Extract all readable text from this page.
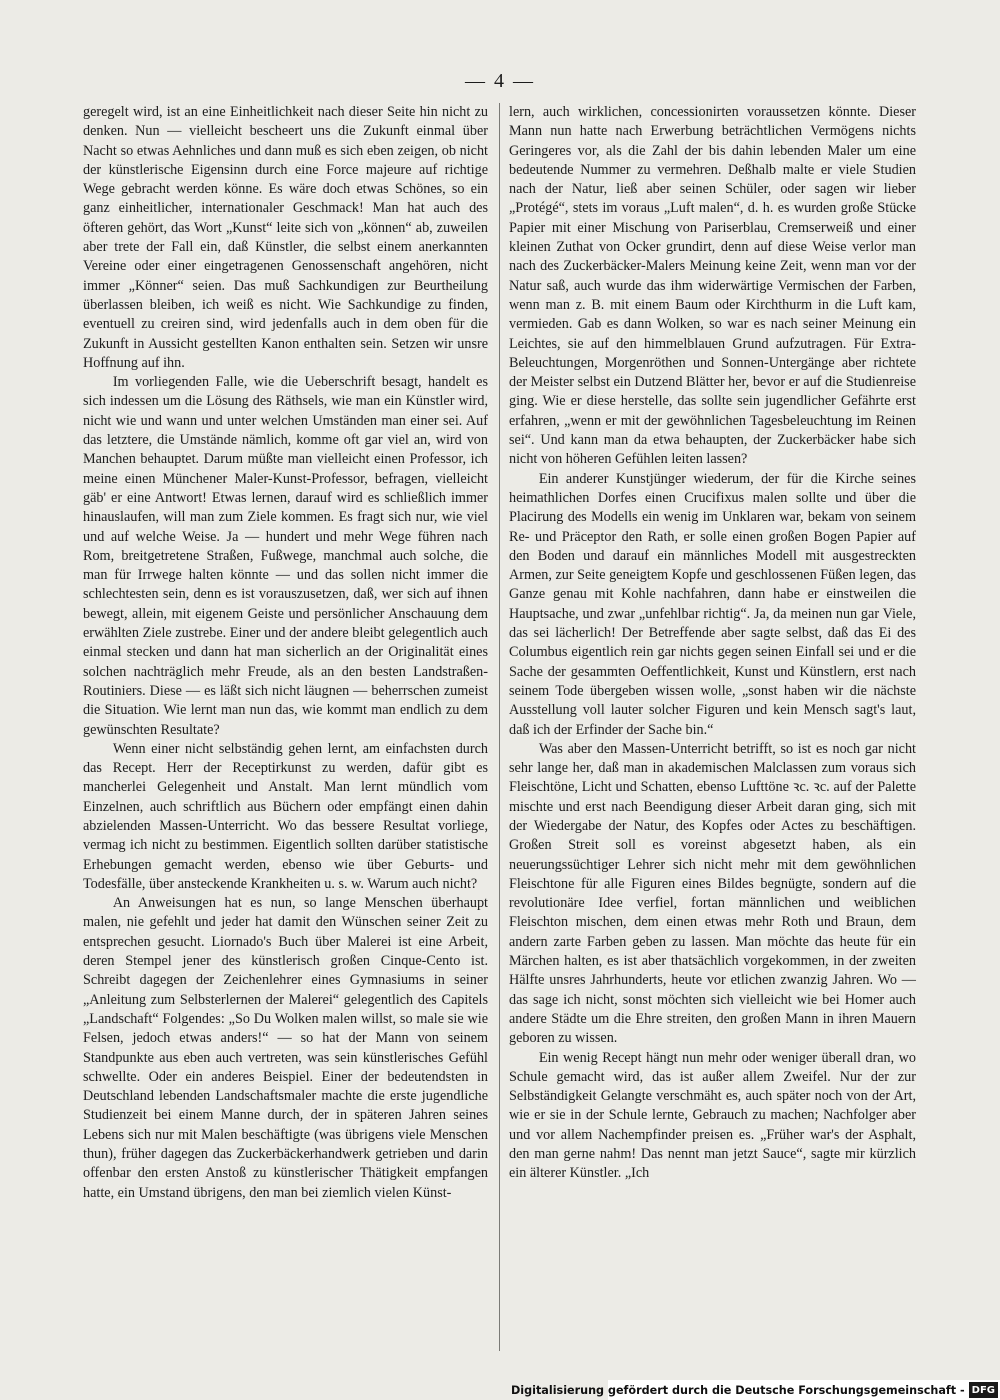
— 4 —

geregelt wird, ist an eine Einheitlichkeit nach dieser Seite hin nicht zu denken. Nun — vielleicht bescheert uns die Zukunft einmal über Nacht so etwas Aehnliches und dann muß es sich eben zeigen, ob nicht der künstlerische Eigensinn durch eine Force majeure auf richtige Wege gebracht werden könne. Es wäre doch etwas Schönes, so ein ganz einheitlicher, internationaler Geschmack! Man hat auch des öfteren gehört, das Wort „Kunst“ leite sich von „können“ ab, zuweilen aber trete der Fall ein, daß Künstler, die selbst einem anerkannten Vereine oder einer eingetragenen Genossenschaft angehören, nicht immer „Könner“ seien. Das muß Sachkundigen zur Beurtheilung überlassen bleiben, ich weiß es nicht. Wie Sachkundige zu finden, eventuell zu creiren sind, wird jedenfalls auch in dem oben für die Zukunft in Aussicht gestellten Kanon enthalten sein. Setzen wir unsre Hoffnung auf ihn.

Im vorliegenden Falle, wie die Ueberschrift besagt, handelt es sich indessen um die Lösung des Räthsels, wie man ein Künstler wird, nicht wie und wann und unter welchen Umständen man einer sei. Auf das letztere, die Umstände nämlich, komme oft gar viel an, wird von Manchen behauptet. Darum müßte man vielleicht einen Professor, ich meine einen Münchener Maler-Kunst-Professor, befragen, vielleicht gäb' er eine Antwort! Etwas lernen, darauf wird es schließlich immer hinauslaufen, will man zum Ziele kommen. Es fragt sich nur, wie viel und auf welche Weise. Ja — hundert und mehr Wege führen nach Rom, breitgetretene Straßen, Fußwege, manchmal auch solche, die man für Irrwege halten könnte — und das sollen nicht immer die schlechtesten sein, denn es ist vorauszusetzen, daß, wer sich auf ihnen bewegt, allein, mit eigenem Geiste und persönlicher Anschauung dem erwählten Ziele zustrebe. Einer und der andere bleibt gelegentlich auch einmal stecken und dann hat man sicherlich an der Originalität eines solchen nachträglich mehr Freude, als an den besten Landstraßen-Routiniers. Diese — es läßt sich nicht läugnen — beherrschen zumeist die Situation. Wie lernt man nun das, wie kommt man endlich zu dem gewünschten Resultate?

Wenn einer nicht selbständig gehen lernt, am einfachsten durch das Recept. Herr der Receptirkunst zu werden, dafür gibt es mancherlei Gelegenheit und Anstalt. Man lernt mündlich vom Einzelnen, auch schriftlich aus Büchern oder empfängt einen dahin abzielenden Massen-Unterricht. Wo das bessere Resultat vorliege, vermag ich nicht zu bestimmen. Eigentlich sollten darüber statistische Erhebungen gemacht werden, ebenso wie über Geburts- und Todesfälle, über ansteckende Krankheiten u. s. w. Warum auch nicht?

An Anweisungen hat es nun, so lange Menschen überhaupt malen, nie gefehlt und jeder hat damit den Wünschen seiner Zeit zu entsprechen gesucht. Liornado's Buch über Malerei ist eine Arbeit, deren Stempel jener des künstlerisch großen Cinque-Cento ist. Schreibt dagegen der Zeichenlehrer eines Gymnasiums in seiner „Anleitung zum Selbsterlernen der Malerei“ gelegentlich des Capitels „Landschaft“ Folgendes: „So Du Wolken malen willst, so male sie wie Felsen, jedoch etwas anders!“ — so hat der Mann von seinem Standpunkte aus eben auch vertreten, was sein künstlerisches Gefühl schwellte. Oder ein anderes Beispiel. Einer der bedeutendsten in Deutschland lebenden Landschaftsmaler machte die erste jugendliche Studienzeit bei einem Manne durch, der in späteren Jahren seines Lebens sich nur mit Malen beschäftigte (was übrigens viele Menschen thun), früher dagegen das Zuckerbäckerhandwerk getrieben und darin offenbar den ersten Anstoß zu künstlerischer Thätigkeit empfangen hatte, ein Umstand übrigens, den man bei ziemlich vielen Künst-

lern, auch wirklichen, concessionirten voraussetzen könnte. Dieser Mann nun hatte nach Erwerbung beträchtlichen Vermögens nichts Geringeres vor, als die Zahl der bis dahin lebenden Maler um eine bedeutende Nummer zu vermehren. Deßhalb malte er viele Studien nach der Natur, ließ aber seinen Schüler, oder sagen wir lieber „Protégé“, stets im voraus „Luft malen“, d. h. es wurden große Stücke Papier mit einer Mischung von Pariserblau, Cremserweiß und einer kleinen Zuthat von Ocker grundirt, denn auf diese Weise verlor man nach des Zuckerbäcker-Malers Meinung keine Zeit, wenn man vor der Natur saß, auch wurde das ihm widerwärtige Vermischen der Farben, wenn man z. B. mit einem Baum oder Kirchthurm in die Luft kam, vermieden. Gab es dann Wolken, so war es nach seiner Meinung ein Leichtes, sie auf den himmelblauen Grund aufzutragen. Für Extra-Beleuchtungen, Morgenröthen und Sonnen-Untergänge aber richtete der Meister selbst ein Dutzend Blätter her, bevor er auf die Studienreise ging. Wie er diese herstelle, das sollte sein jugendlicher Gefährte erst erfahren, „wenn er mit der gewöhnlichen Tagesbeleuchtung im Reinen sei“. Und kann man da etwa behaupten, der Zuckerbäcker habe sich nicht von höheren Gefühlen leiten lassen?

Ein anderer Kunstjünger wiederum, der für die Kirche seines heimathlichen Dorfes einen Crucifixus malen sollte und über die Placirung des Modells ein wenig im Unklaren war, bekam von seinem Re- und Präceptor den Rath, er solle einen großen Bogen Papier auf den Boden und darauf ein männliches Modell mit ausgestreckten Armen, zur Seite geneigtem Kopfe und geschlossenen Füßen legen, das Ganze genau mit Kohle nachfahren, dann habe er einstweilen die Hauptsache, und zwar „unfehlbar richtig“. Ja, da meinen nun gar Viele, das sei lächerlich! Der Betreffende aber sagte selbst, daß das Ei des Columbus eigentlich rein gar nichts gegen seinen Einfall sei und er die Sache der gesammten Oeffentlichkeit, Kunst und Künstlern, erst nach seinem Tode übergeben wissen wolle, „sonst haben wir die nächste Ausstellung voll lauter solcher Figuren und kein Mensch sagt's laut, daß ich der Erfinder der Sache bin.“

Was aber den Massen-Unterricht betrifft, so ist es noch gar nicht sehr lange her, daß man in akademischen Malclassen zum voraus sich Fleischtöne, Licht und Schatten, ebenso Lufttöne ꝛc. ꝛc. auf der Palette mischte und erst nach Beendigung dieser Arbeit daran ging, sich mit der Wiedergabe der Natur, des Kopfes oder Actes zu beschäftigen. Großen Streit soll es voreinst abgesetzt haben, als ein neuerungssüchtiger Lehrer sich nicht mehr mit dem gewöhnlichen Fleischtone für alle Figuren eines Bildes begnügte, sondern auf die revolutionäre Idee verfiel, fortan männlichen und weiblichen Fleischton mischen, dem einen etwas mehr Roth und Braun, dem andern zarte Farben geben zu lassen. Man möchte das heute für ein Märchen halten, es ist aber thatsächlich vorgekommen, in der zweiten Hälfte unsres Jahrhunderts, heute vor etlichen zwanzig Jahren. Wo — das sage ich nicht, sonst möchten sich vielleicht wie bei Homer auch andere Städte um die Ehre streiten, den großen Mann in ihren Mauern geboren zu wissen.

Ein wenig Recept hängt nun mehr oder weniger überall dran, wo Schule gemacht wird, das ist außer allem Zweifel. Nur der zur Selbständigkeit Gelangte verschmäht es, auch später noch von der Art, wie er sie in der Schule lernte, Gebrauch zu machen; Nachfolger aber und vor allem Nachempfinder preisen es. „Früher war's der Asphalt, den man gerne nahm! Das nennt man jetzt Sauce“, sagte mir kürzlich ein älterer Künstler. „Ich

Digitalisierung gefördert durch die Deutsche Forschungsgemeinschaft - DFG
